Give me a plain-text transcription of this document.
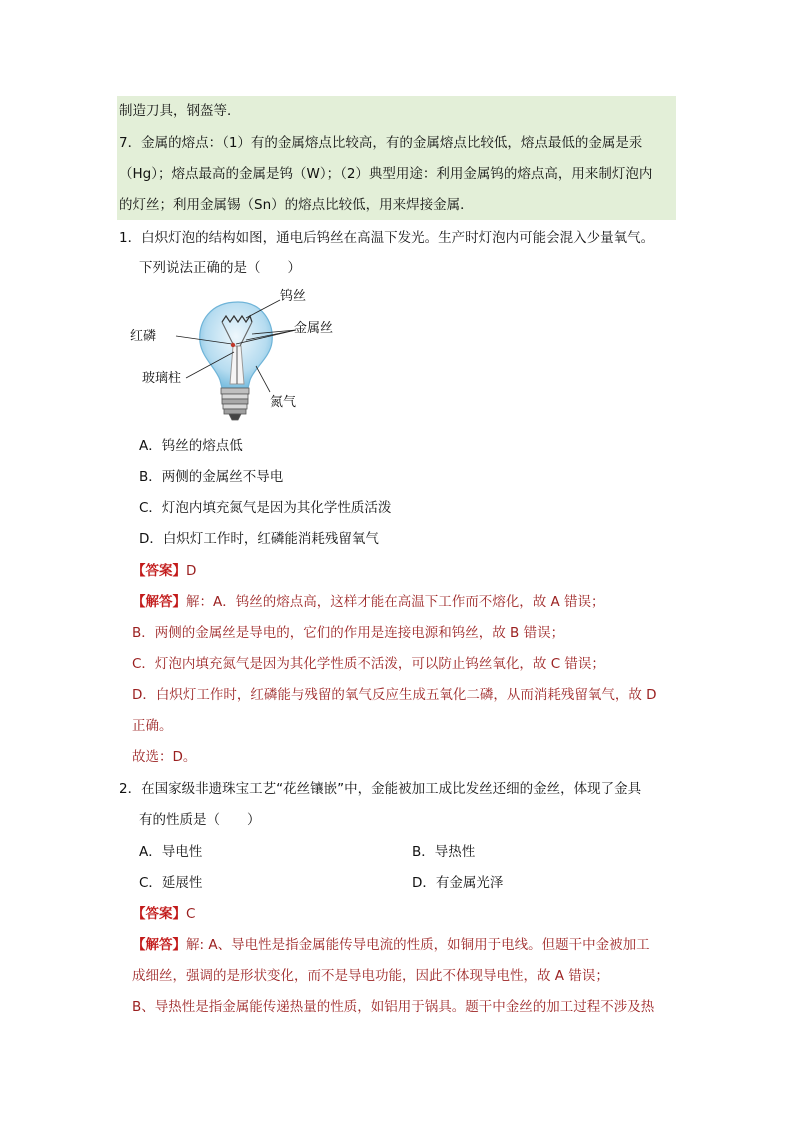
制造刀具，钢盔等．
7．金属的熔点：（1）有的金属熔点比较高，有的金属熔点比较低，熔点最低的金属是汞
（Hg）；熔点最高的金属是钨（W）；（2）典型用途：利用金属钨的熔点高，用来制灯泡内
的灯丝；利用金属锡（Sn）的熔点比较低，用来焊接金属．
1．白炽灯泡的结构如图，通电后钨丝在高温下发光。生产时灯泡内可能会混入少量氧气。
下列说法正确的是（　　）
钨丝
红磷
金属丝
玻璃柱
氮气
A．钨丝的熔点低
B．两侧的金属丝不导电
C．灯泡内填充氮气是因为其化学性质活泼
D．白炽灯工作时，红磷能消耗残留氧气
【答案】D
【解答】解：A．钨丝的熔点高，这样才能在高温下工作而不熔化，故 A 错误；
B．两侧的金属丝是导电的，它们的作用是连接电源和钨丝，故 B 错误；
C．灯泡内填充氮气是因为其化学性质不活泼，可以防止钨丝氧化，故 C 错误；
D．白炽灯工作时，红磷能与残留的氧气反应生成五氧化二磷，从而消耗残留氧气，故 D
正确。
故选：D。
2．在国家级非遗珠宝工艺“花丝镶嵌”中，金能被加工成比发丝还细的金丝，体现了金具
有的性质是（　　）
A．导电性	B．导热性
C．延展性	D．有金属光泽
【答案】C
【解答】解: A、导电性是指金属能传导电流的性质，如铜用于电线。但题干中金被加工
成细丝，强调的是形状变化，而不是导电功能，因此不体现导电性，故 A 错误；
B、导热性是指金属能传递热量的性质，如铝用于锅具。题干中金丝的加工过程不涉及热
